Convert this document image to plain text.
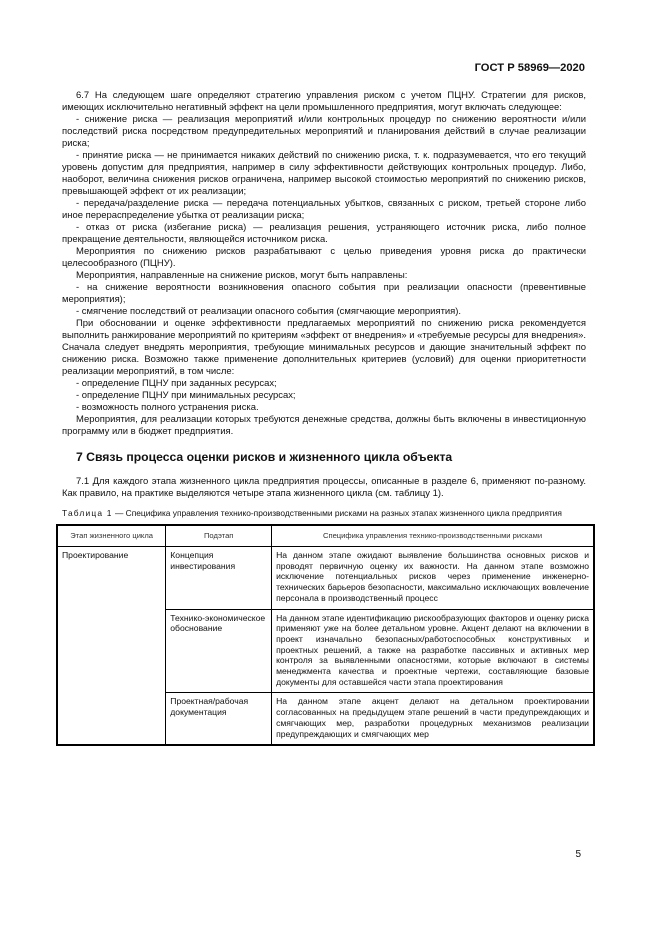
ГОСТ Р 58969—2020

6.7 На следующем шаге определяют стратегию управления риском с учетом ПЦНУ. Стратегии для рисков, имеющих исключительно негативный эффект на цели промышленного предприятия, могут включать следующее:

- снижение риска — реализация мероприятий и/или контрольных процедур по снижению вероятности и/или последствий риска посредством предупредительных мероприятий и планирования действий в случае реализации риска;

- принятие риска — не принимается никаких действий по снижению риска, т. к. подразумевается, что его текущий уровень допустим для предприятия, например в силу эффективности действующих контрольных процедур. Либо, наоборот, величина снижения рисков ограничена, например высокой стоимостью мероприятий по снижению рисков, превышающей эффект от их реализации;

- передача/разделение риска — передача потенциальных убытков, связанных с риском, третьей стороне либо иное перераспределение убытка от реализации риска;

- отказ от риска (избегание риска) — реализация решения, устраняющего источник риска, либо полное прекращение деятельности, являющейся источником риска.

Мероприятия по снижению рисков разрабатывают с целью приведения уровня риска до практически целесообразного (ПЦНУ).

Мероприятия, направленные на снижение рисков, могут быть направлены:

- на снижение вероятности возникновения опасного события при реализации опасности (превентивные мероприятия);

- смягчение последствий от реализации опасного события (смягчающие мероприятия).

При обосновании и оценке эффективности предлагаемых мероприятий по снижению риска рекомендуется выполнить ранжирование мероприятий по критериям «эффект от внедрения» и «требуемые ресурсы для внедрения». Сначала следует внедрять мероприятия, требующие минимальных ресурсов и дающие значительный эффект по снижению риска. Возможно также применение дополнительных критериев (условий) для оценки приоритетности реализации мероприятий, в том числе:

- определение ПЦНУ при заданных ресурсах;

- определение ПЦНУ при минимальных ресурсах;

- возможность полного устранения риска.

Мероприятия, для реализации которых требуются денежные средства, должны быть включены в инвестиционную программу или в бюджет предприятия.

7 Связь процесса оценки рисков и жизненного цикла объекта

7.1 Для каждого этапа жизненного цикла предприятия процессы, описанные в разделе 6, применяют по-разному. Как правило, на практике выделяются четыре этапа жизненного цикла (см. таблицу 1).

Таблица 1 — Специфика управления технико-производственными рисками на разных этапах жизненного цикла предприятия
Этап жизненного цикла	Подэтап	Специфика управления технико-производственными рисками
Проектирование	Концепция инвестирования	На данном этапе ожидают выявление большинства основных рисков и проводят первичную оценку их важности. На данном этапе возможно исключение потенциальных рисков через применение инженерно-технических барьеров безопасности, максимально исключающих вовлечение персонала в производственный процесс
	Технико-экономическое обоснование	На данном этапе идентификацию рискообразующих факторов и оценку риска применяют уже на более детальном уровне. Акцент делают на включении в проект изначально безопасных/работоспособных конструктивных и проектных решений, а также на разработке пассивных и активных мер контроля за выявленными опасностями, которые включают в системы менеджмента качества и проектные чертежи, составляющие базовые документы для оставшейся части этапа проектирования
	Проектная/рабочая документация	На данном этапе акцент делают на детальном проектировании согласованных на предыдущем этапе решений в части предупреждающих и смягчающих мер, разработки процедурных механизмов реализации предупреждающих и смягчающих мер
5
